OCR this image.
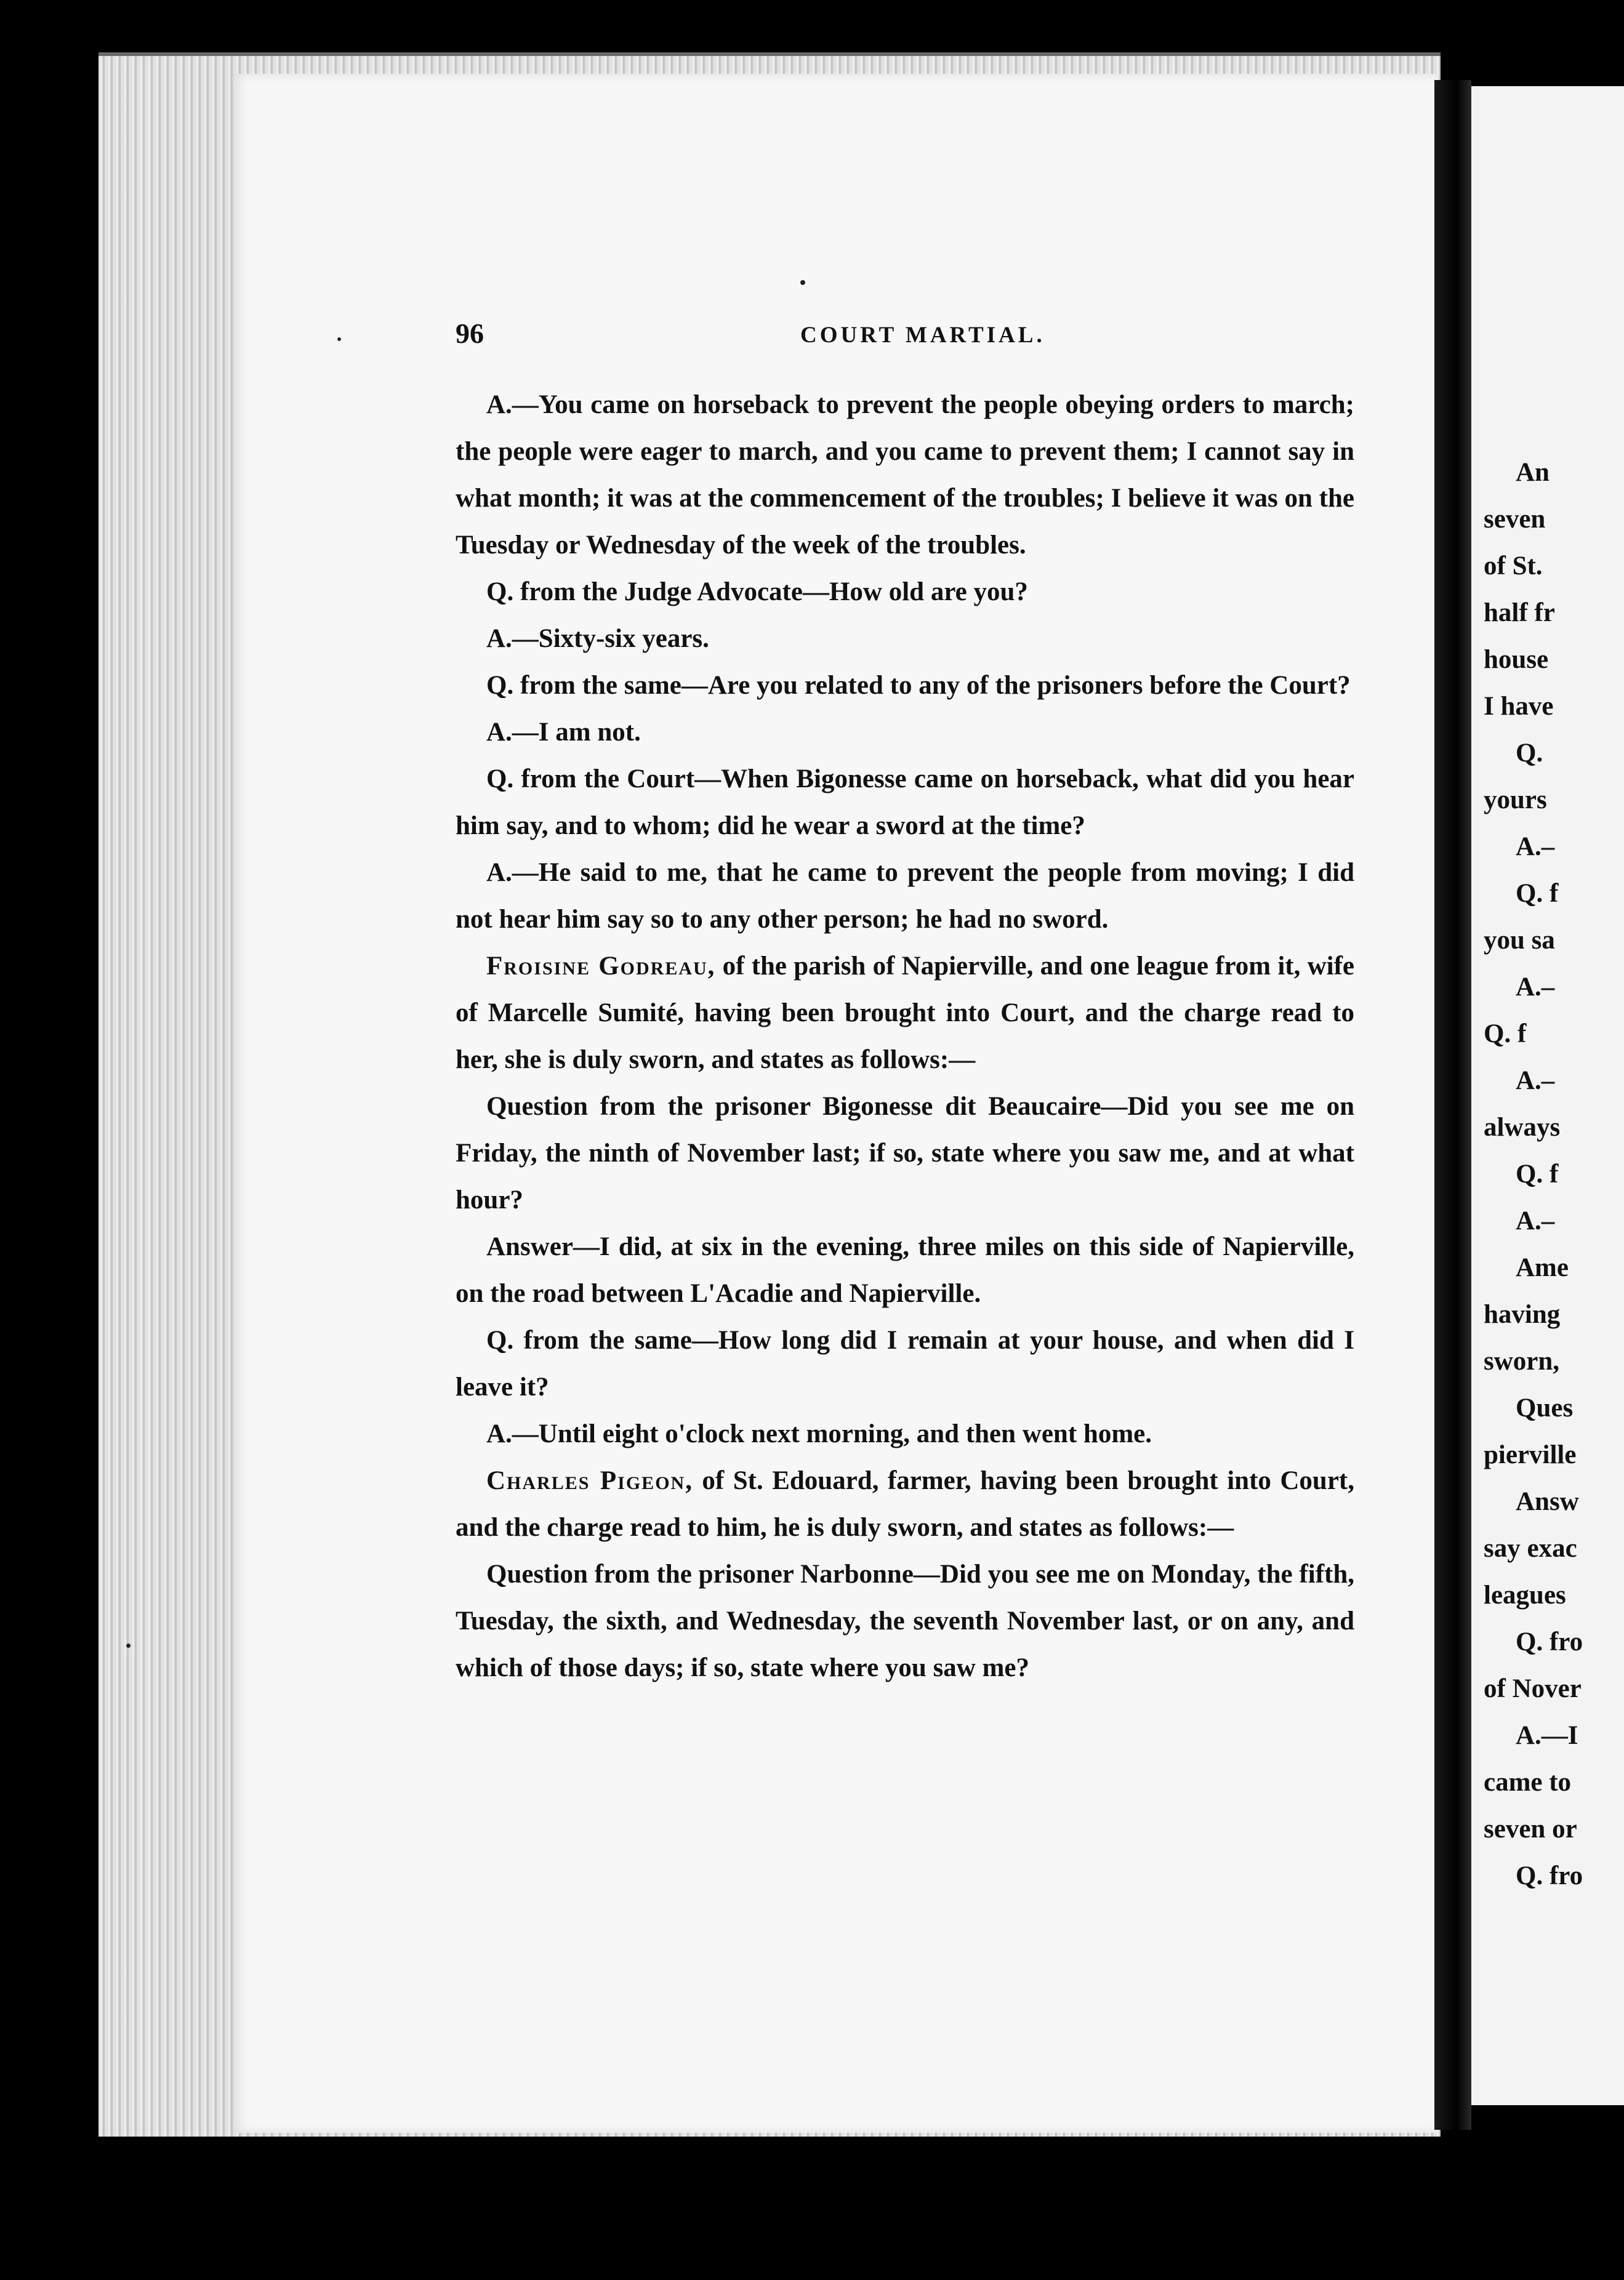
An
seven
of St.
half fr
house
I have
Q.
yours
A.–
Q. f
you sa
A.–
Q. f
A.–
always
Q. f
A.–
Ame
having
sworn,
Ques
pierville
Answ
say exac
leagues
Q. fro
of Nover
A.—I
came to
seven or
Q. fro
96	COURT MARTIAL.

A.—You came on horseback to prevent the people obeying orders to march; the people were eager to march, and you came to prevent them; I cannot say in what month; it was at the commencement of the troubles; I believe it was on the Tuesday or Wednesday of the week of the troubles.

Q. from the Judge Advocate—How old are you?

A.—Sixty-six years.

Q. from the same—Are you related to any of the prisoners before the Court?

A.—I am not.

Q. from the Court—When Bigonesse came on horseback, what did you hear him say, and to whom; did he wear a sword at the time?

A.—He said to me, that he came to prevent the people from moving; I did not hear him say so to any other person; he had no sword.

Froisine Godreau, of the parish of Napierville, and one league from it, wife of Marcelle Sumité, having been brought into Court, and the charge read to her, she is duly sworn, and states as follows:—

Question from the prisoner Bigonesse dit Beaucaire—Did you see me on Friday, the ninth of November last; if so, state where you saw me, and at what hour?

Answer—I did, at six in the evening, three miles on this side of Napierville, on the road between L'Acadie and Napierville.

Q. from the same—How long did I remain at your house, and when did I leave it?

A.—Until eight o'clock next morning, and then went home.

Charles Pigeon, of St. Edouard, farmer, having been brought into Court, and the charge read to him, he is duly sworn, and states as follows:—

Question from the prisoner Narbonne—Did you see me on Monday, the fifth, Tuesday, the sixth, and Wednesday, the seventh November last, or on any, and which of those days; if so, state where you saw me?
